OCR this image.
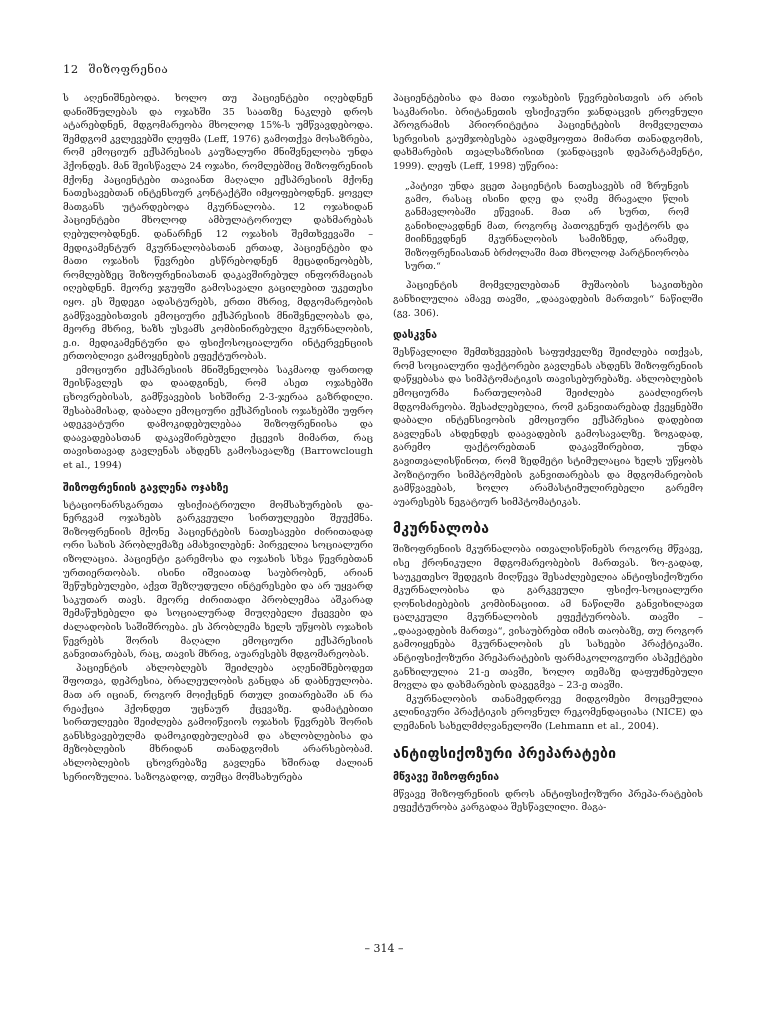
12 შიზოფრენია

ს აღენიშნებოდა. ხოლო თუ პაციენტები იღებდნენ დანიშნულებას და ოჯახში 35 საათზე ნაკლებ დროს ატარებდნენ, მდგომარეობა მხოლოდ 15%-ს უმწვავდებოდა. შემდგომ კვლევებში ლეფმა (Leff, 1976) გამოთქვა მოსაზრება, რომ ემოციურ ექსპრესიას კაუზალური მნიშვნელობა უნდა ჰქონდეს. მან შეისწავლა 24 ოჯახი, რომლებშიც შიზოფრენიის მქონე პაციენტები თავიანთ მაღალი ექსპრესიის მქონე ნათესავებთან ინტენსიურ კონტაქტში იმყოფებოდნენ. ყოველ მათგანს უტარდებოდა მკურნალობა. 12 ოჯახიდან პაციენტები მხოლოდ ამბულატორიულ დახმარებას ღებულობდნენ. დანარჩენ 12 ოჯახის შემთხვევაში – მედიკამენტურ მკურნალობასთან ერთად, პაციენტები და მათი ოჯახის წევრები ესწრებოდნენ მეცადინეობებს, რომლებზეც შიზოფრენიასთან დაკავშირებულ ინფორმაციას იღებდნენ. მეორე ჯგუფში გამოსავალი გაცილებით უკეთესი იყო. ეს შედეგი ადასტურებს, ერთი მხრივ, მდგომარეობის გამწვავებისთვის ემოციური ექსპრესიის მნიშვნელობას და, მეორე მხრივ, ხაზს უსვამს კომბინირებული მკურნალობის, ე.ი. მედიკამენტური და ფსიქოსოციალური ინტერვენციის ერთობლივი გამოყენების ეფექტურობას.

ემოციური ექსპრესიის მნიშვნელობა საკმაოდ ფართოდ შეისწავლეს და დაადგინეს, რომ ასეთ ოჯახებში ცხოვრებისას, გამწვავების სიხშირე 2-3-ჯერაა გაზრდილი. შესაბამისად, დაბალი ემოციური ექსპრესიის ოჯახებში უფრო ადეკვატური დამოკიდებულებაა შიზოფრენიისა და დაავადებასთან დაკავშირებული ქცევის მიმართ, რაც თავისთავად გავლენას ახდენს გამოსავალზე (Barrowclough et al., 1994)

შიზოფრენიის გავლენა ოჯახზე

სტაციონარსგარეთა ფსიქიატრიული მომსახურების და-ნერგვამ ოჯახებს გარკვეული სირთულეები შეუქმნა. შიზოფრენიის მქონე პაციენტების ნათესავები ძირითადად ორი სახის პრობლემაზე ამახვილებენ: პირველია სოციალური იზოლაცია. პაციენტი გარემოსა და ოჯახის სხვა წევრებთან ურთიერთობას. ისინი იშვიათად საუბრობენ, არიან შეწუხებულები, აქვთ შეზღუდული ინტერესები და არ უყვარდ საკუთარ თავს. მეორე ძირითადი პრობლემაა აშკარად შემაწუხებელი და სოციალურად მიუღებელი ქცევები და ძალადობის საშიშროება. ეს პრობლემა ხელს უწყობს ოჯახის წევრებს შორის მაღალი ემოციური ექსპრესიის განვითარებას, რაც, თავის მხრივ, აუარესებს მდგომარეობას.

პაციენტის ახლობლებს შეიძლება აღენიშნებოდეთ შფოთვა, დეპრესია, ბრალეულობის განცდა ან დაბნეულობა. მათ არ იციან, როგორ მოიქცნენ რთულ ვითარებაში ან რა რეაქცია ჰქონდეთ უცნაურ ქცევაზე. დამატებითი სირთულეები შეიძლება გამოიწვიოს ოჯახის წევრებს შორის განსხვავებულმა დამოკიდებულებამ და ახლობლებისა და მეზობლების მხრიდან თანადგომის არარსებობამ. ახლობლების ცხოვრებაზე გავლენა ხშირად ძალიან სერიოზულია. საზოგადოდ, თუმცა მომსახურება

პაციენტებისა და მათი ოჯახების წევრებისთვის არ არის საკმარისი. ბრიტანეთის ფსიქიკური ჯანდაცვის ეროვნული პროგრამის პრიორიტეტია პაციენტების მომვლელთა სერვისის გაუმჯობესება ავადმყოფთა მიმართ თანადგომის, დახმარების თვალსაზრისით (ჯანდაცვის დეპარტამენტი, 1999). ლეფს (Leff, 1998) უწერია:

„პატივი უნდა ვცეთ პაციენტის ნათესავებს იმ ზრუნვის გამო, რასაც ისინი დღე და ღამე მრავალი წლის განმავლობაში ეწევიან. მათ არ სურთ, რომ განიხილავდნენ მათ, როგორც პათოგენურ ფაქტორს და მიიჩნევდნენ მკურნალობის სამიზნედ, არამედ, შიზოფრენიასთან ბრძოლაში მათ მხოლოდ პარტნიორობა სურთ.“

პაციენტის მომვლელებთან მუშაობის საკითხები განხილულია ამავე თავში, „დაავადების მართვის“ ნაწილში (გვ. 306).

დასკვნა

შესწავლილი შემთხვევების საფუძველზე შეიძლება ითქვას, რომ სოციალური ფაქტორები გავლენას ახდენს შიზოფრენიის დაწყებასა და სიმპტომატიკის თავისებურებაზე. ახლობლების ემოციურმა ჩართულობამ შეიძლება გააძლიეროს მდგომარეობა. შესაძლებელია, რომ განვითარებად ქვეყნებში დაბალი ინტენსივობის ემოციური ექსპრესია დადებით გავლენას ახდენდეს დაავადების გამოსავალზე. ზოგადად, გარემო ფაქტორებთან დაკავშირებით, უნდა გავითვალისწინოთ, რომ ზედმეტი სტიმულაცია ხელს უწყობს პოზიტიური სიმპტომების განვითარებას და მდგომარეობის გამწვავებას, ხოლო არამასტიმულირებელი გარემო აუარესებს ნეგატიურ სიმპტომატიკას.

მკურნალობა

შიზოფრენიის მკურნალობა ითვალისწინებს როგორც მწვავე, ისე ქრონიკული მდგომარეობების მართვას. ზო-გადად, საუკეთესო შედეგის მიღწევა შესაძლებელია ანტიფსიქოზური მკურნალობისა და გარკვეული ფსიქო-სოციალური ღონისძიებების კომბინაციით. ამ ნაწილში განვიხილავთ ცალკეული მკურნალობის ეფექტურობას. თავში – „დაავადების მართვა“, ვისაუბრებთ იმის თაობაზე, თუ როგორ გამოიყენება მკურნალობის ეს სახეები პრაქტიკაში. ანტიფსიქოზური პრეპარატების ფარმაკოლოგიური ასპექტები განხილულია 21-ე თავში, ხოლო თემაზე დაფუძნებული მოვლა და დახმარების დაგეგმვა – 23-ე თავში.

მკურნალობის თანამედროვე მიდგომები მოცემულია კლინიკური პრაქტიკის ეროვნულ რეკომენდაციასა (NICE) და ლემანის სახელმძღვანელოში (Lehmann et al., 2004).

ანტიფსიქოზური პრეპარატები
მწვავე შიზოფრენია

მწვავე შიზოფრენიის დროს ანტიფსიქოზური პრეპა-რატების ეფექტურობა კარგადაა შესწავლილი. მაგა-

– 314 –
